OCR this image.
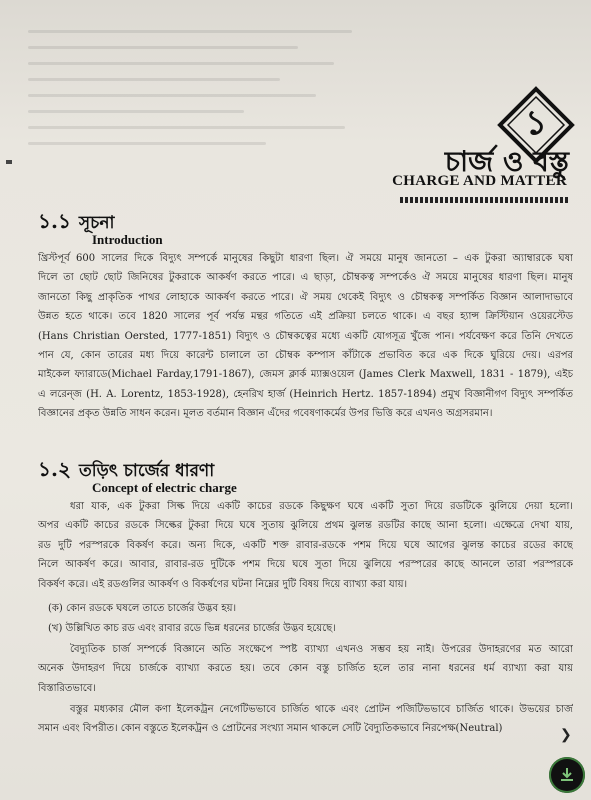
১
চার্জ ও বস্তু
CHARGE AND MATTER
১.১ সূচনা
Introduction
খ্রিস্টপূর্ব 600 সালের দিকে বিদ্যুৎ সম্পর্কে মানুষের কিছুটা ধারণা ছিল। ঐ সময়ে মানুষ জানতো – এক টুকরা অ্যাম্বারকে ঘষা
দিলে তা ছোট ছোট জিনিষের টুকরাকে আকর্ষণ করতে পারে। এ ছাড়া, চৌম্বকত্ব সম্পর্কেও ঐ সময়ে মানুষের ধারণা ছিল। মানুষ
জানতো কিছু প্রাকৃতিক পাথর লোহাকে আকর্ষণ করতে পারে। ঐ সময় থেকেই বিদ্যুৎ ও চৌম্বকত্ব সম্পর্কিত বিজ্ঞান আলাদাভাবে
উন্নত হতে থাকে। তবে 1820 সালের পূর্ব পর্যন্ত মন্থর গতিতে এই প্রক্রিয়া চলতে থাকে। এ বছর হ্যান্স ক্রিস্টিয়ান ওয়েরস্টেড
(Hans Christian Oersted, 1777-1851) বিদ্যুৎ ও চৌম্বকত্বের মধ্যে একটি যোগসূত্র খুঁজে পান। পর্যবেক্ষণ করে তিনি দেখতে
পান যে, কোন তারের মধ্য দিয়ে কারেন্ট চালালে তা চৌম্বক কম্পাস কাঁটাকে প্রভাবিত করে এক দিকে ঘুরিয়ে দেয়। এরপর
মাইকেল ফ্যারাডে(Michael Farday,1791-1867), জেমস ক্লার্ক ম্যাক্সওয়েল (James Clerk Maxwell, 1831 - 1879), এইচ
এ লরেন্জ (H. A. Lorentz, 1853-1928), হেনরিখ হার্জ (Heinrich Hertz. 1857-1894) প্রমুখ বিজ্ঞানীগণ বিদ্যুৎ সম্পর্কিত
বিজ্ঞানের প্রকৃত উন্নতি সাধন করেন। মূলত বর্তমান বিজ্ঞান এঁদের গবেষণাকর্মের উপর ভিত্তি করে এখনও অগ্রসরমান।
১.২ তড়িৎ চার্জের ধারণা
Concept of electric charge
ধরা যাক, এক টুকরা সিল্ক দিয়ে একটি কাচের রডকে কিছুক্ষণ ঘষে একটি সুতা দিয়ে রডটিকে ঝুলিয়ে দেয়া হলো।
অপর একটি কাচের রডকে সিল্কের টুকরা দিয়ে ঘষে সুতায় ঝুলিয়ে প্রথম ঝুলন্ত রডটির কাছে আনা হলো। এক্ষেত্রে দেখা যায়,
রড দুটি পরস্পরকে বিকর্ষণ করে। অন্য দিকে, একটি শক্ত রাবার-রডকে পশম দিয়ে ঘষে আগের ঝুলন্ত কাচের রডের কাছে
নিলে আকর্ষণ করে। আবার, রাবার-রড দুটিকে পশম দিয়ে ঘষে সুতা দিয়ে ঝুলিয়ে পরস্পরের কাছে আনলে তারা পরস্পরকে
বিকর্ষণ করে। এই রডগুলির আকর্ষণ ও বিকর্ষণের ঘটনা নিম্নের দুটি বিষয় দিয়ে ব্যাখ্যা করা যায়।
(ক) কোন রডকে ঘষলে তাতে চার্জের উদ্ভব হয়।
(খ) উল্লিখিত কাচ রড এবং রাবার রডে ভিন্ন ধরনের চার্জের উদ্ভব হয়েছে।
বৈদ্যুতিক চার্জ সম্পর্কে বিজ্ঞানে অতি সংক্ষেপে স্পষ্ট ব্যাখ্যা এখনও সম্ভব হয় নাই। উপরের উদাহরণের মত আরো
অনেক উদাহরণ দিয়ে চার্জকে ব্যাখ্যা করতে হয়। তবে কোন বস্তু চার্জিত হলে তার নানা ধরনের ধর্ম ব্যাখ্যা করা যায়
বিস্তারিতভাবে।
বস্তুর মধ্যকার মৌল কণা ইলেকট্রন নেগেটিভভাবে চার্জিত থাকে এবং প্রোটন পজিটিভভাবে চার্জিত থাকে। উভয়ের চার্জ
সমান এবং বিপরীত। কোন বস্তুতে ইলেকট্রন ও প্রোটনের সংখ্যা সমান থাকলে সেটি বৈদ্যুতিকভাবে নিরপেক্ষ(Neutral)	❯
